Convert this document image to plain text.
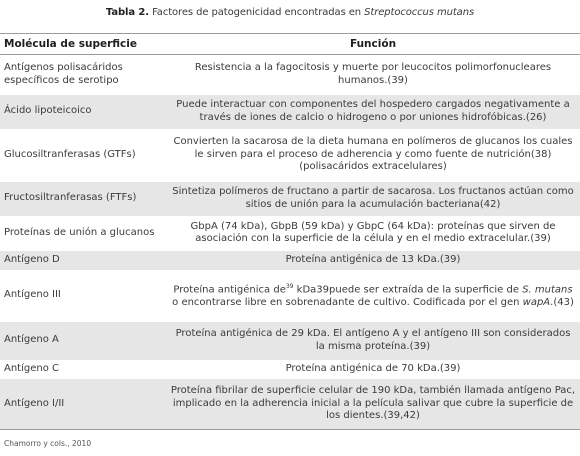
Tabla 2. Factores de patogenicidad encontradas en Streptococcus mutans
Molécula de superficie	Función
Antígenos polisacáridos específicos de serotipo	Resistencia a la fagocitosis y muerte por leucocitos polimorfonucleares humanos.(39)
Ácido lipoteicoico	Puede interactuar con componentes del hospedero cargados negativamente a través de iones de calcio o hidrogeno o por uniones hidrofóbicas.(26)
Glucosiltranferasas (GTFs)	Convierten la sacarosa de la dieta humana en polímeros de glucanos los cuales le sirven para el proceso de adherencia y como fuente de nutrición(38) (polisacáridos extracelulares)
Fructosiltranferasas (FTFs)	Sintetiza polímeros de fructano a partir de sacarosa. Los fructanos actúan como sitios de unión para la acumulación bacteriana(42)
Proteínas de unión a glucanos	GbpA (74 kDa), GbpB (59 kDa) y GbpC (64 kDa): proteínas que sirven de asociación con la superficie de la célula y en el medio extracelular.(39)
Antígeno D	Proteína antigénica de 13 kDa.(39)
Antígeno III	Proteína antigénica $de^{39}$ kDa39puede ser extraída de la superficie de S. mutans o encontrarse libre en sobrenadante de cultivo. Codificada por el gen wapA.(43)
Antígeno A	Proteína antigénica de 29 kDa. El antígeno A y el antígeno III son considerados la misma proteína.(39)
Antígeno C	Proteína antigénica de 70 kDa.(39)
Antígeno I/II	Proteína fibrilar de superficie celular de 190 kDa, también llamada antígeno Pac, implicado en la adherencia inicial a la película salivar que cubre la superficie de los dientes.(39,42)
Chamorro y cols., 2010
